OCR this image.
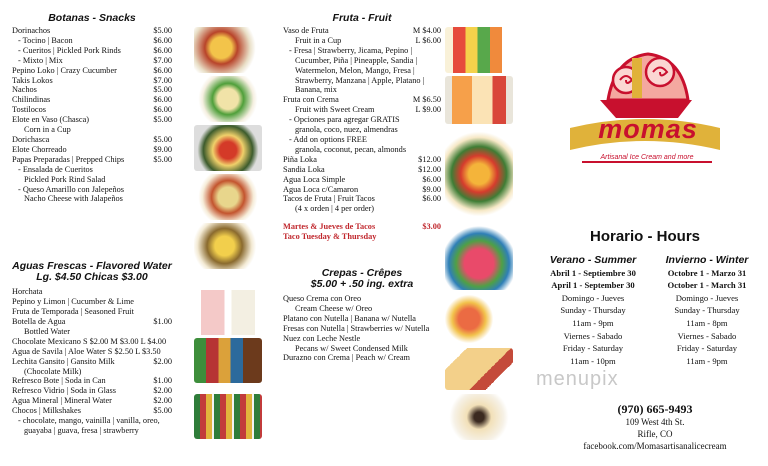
Botanas - Snacks
Dorinachos	$5.00
- Tocino | Bacon	$6.00
- Cueritos | Pickled Pork Rinds	$6.00
- Mixto | Mix	$7.00
Pepino Loko | Crazy Cucumber	$6.00
Takis Lokos	$7.00
Nachos	$5.00
Chilindinas	$6.00
Tostilocos	$6.00
Elote en Vaso (Chasca)	$5.00
Corn in a Cup
Dorichasca	$5.00
Elote Chorreado	$9.00
Papas Preparadas | Prepped Chips	$5.00
- Ensalada de Cueritos
Pickled Pork Rind Salad
- Queso Amarillo con Jalepeños
Nacho Cheese with Jalapeños
Aguas Frescas - Flavored Water
Lg. $4.50 Chicas $3.00
Horchata
Pepino y Limon | Cucumber & Lime
Fruta de Temporada | Seasoned Fruit
Botella de Agua	$1.00
Bottled Water
Chocolate Mexicano S $2.00 M $3.00 L $4.00
Agua de Savila | Aloe Water S $2.50 L $3.50
Lechita Gansito | Gansito Milk	$2.00
(Chocolate Milk)
Refresco Bote | Soda in Can	$1.00
Refresco Vidrio | Soda in Glass	$2.00
Agua Mineral | Mineral Water	$2.00
Chocos | Milkshakes	$5.00
- chocolate, mango, vainilla | vanilla, oreo,
guayaba | guava, fresa | strawberry
Fruta - Fruit
Vaso de Fruta	M $4.00
Fruit in a Cup	L $6.00
- Fresa | Strawberry, Jicama, Pepino |
Cucumber, Piña | Pineapple, Sandia |
Watermelon, Melon, Mango, Fresa |
Strawberry, Manzana | Apple, Platano |
Banana, mix
Fruta con Crema	M $6.50
Fruit with Sweet Cream	L $9.00
- Opciones para agregar GRATIS
granola, coco, nuez, almendras
- Add on options FREE
granola, coconut, pecan, almonds
Piña Loka	$12.00
Sandia Loka	$12.00
Agua Loca Simple	$6.00
Agua Loca c/Camaron	$9.00
Tacos de Fruta | Fruit Tacos	$6.00
(4 x orden | 4 per order)
Martes & Jueves de Tacos	$3.00
Taco Tuesday & Thursday
Crepas - Crêpes
$5.00 + .50 ing. extra
Queso Crema con Oreo
Cream Cheese w/ Oreo
Platano con Nutella | Banana w/ Nutella
Fresas con Nutella | Strawberries w/ Nutella
Nuez con Leche Nestle
Pecans w/ Sweet Condensed Milk
Durazno con Crema | Peach w/ Cream
momas
Artisanal Ice Cream and more
Horario - Hours
Verano - Summer
Abril 1 - Septiembre 30
April 1 - September 30
Domingo - Jueves
Sunday - Thursday
11am - 9pm
Viernes - Sabado
Friday - Saturday
11am - 10pm
Invierno - Winter
Octobre 1 - Marzo 31
October 1 - March 31
Domingo - Jueves
Sunday - Thursday
11am - 8pm
Viernes - Sabado
Friday - Saturday
11am - 9pm
menupix
(970) 665-9493
109 West 4th St.
Rifle, CO
facebook.com/Momasartisanalicecream
